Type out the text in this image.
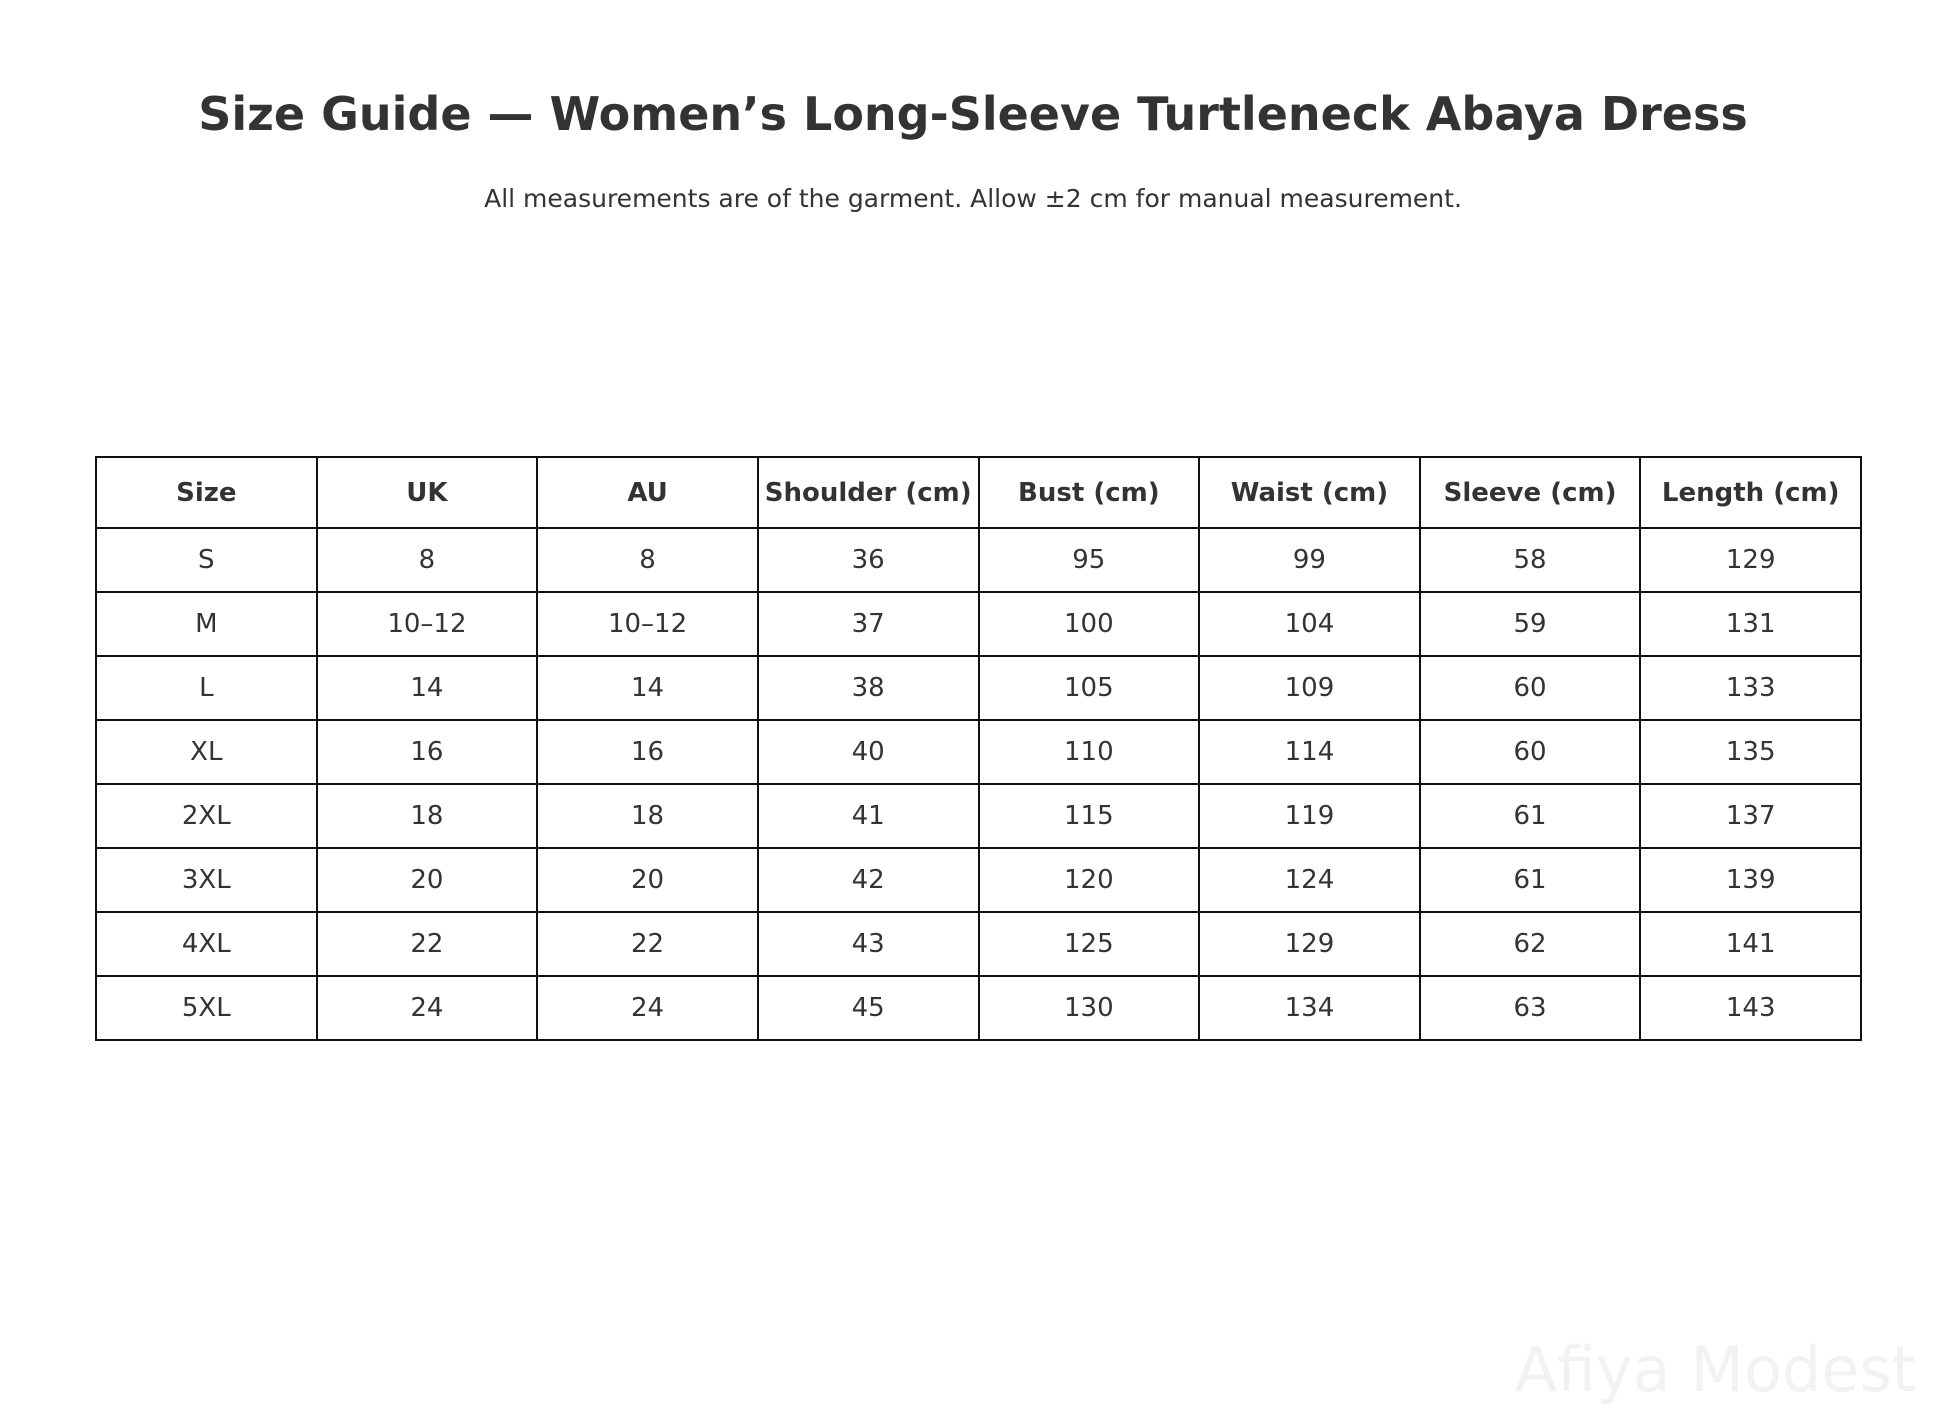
Size Guide — Women’s Long-Sleeve Turtleneck Abaya Dress

All measurements are of the garment. Allow ±2 cm for manual measurement.

Size	UK	AU	Shoulder (cm)	Bust (cm)	Waist (cm)	Sleeve (cm)	Length (cm)
S	8	8	36	95	99	58	129
M	10–12	10–12	37	100	104	59	131
L	14	14	38	105	109	60	133
XL	16	16	40	110	114	60	135
2XL	18	18	41	115	119	61	137
3XL	20	20	42	120	124	61	139
4XL	22	22	43	125	129	62	141
5XL	24	24	45	130	134	63	143
Afiya Modest
